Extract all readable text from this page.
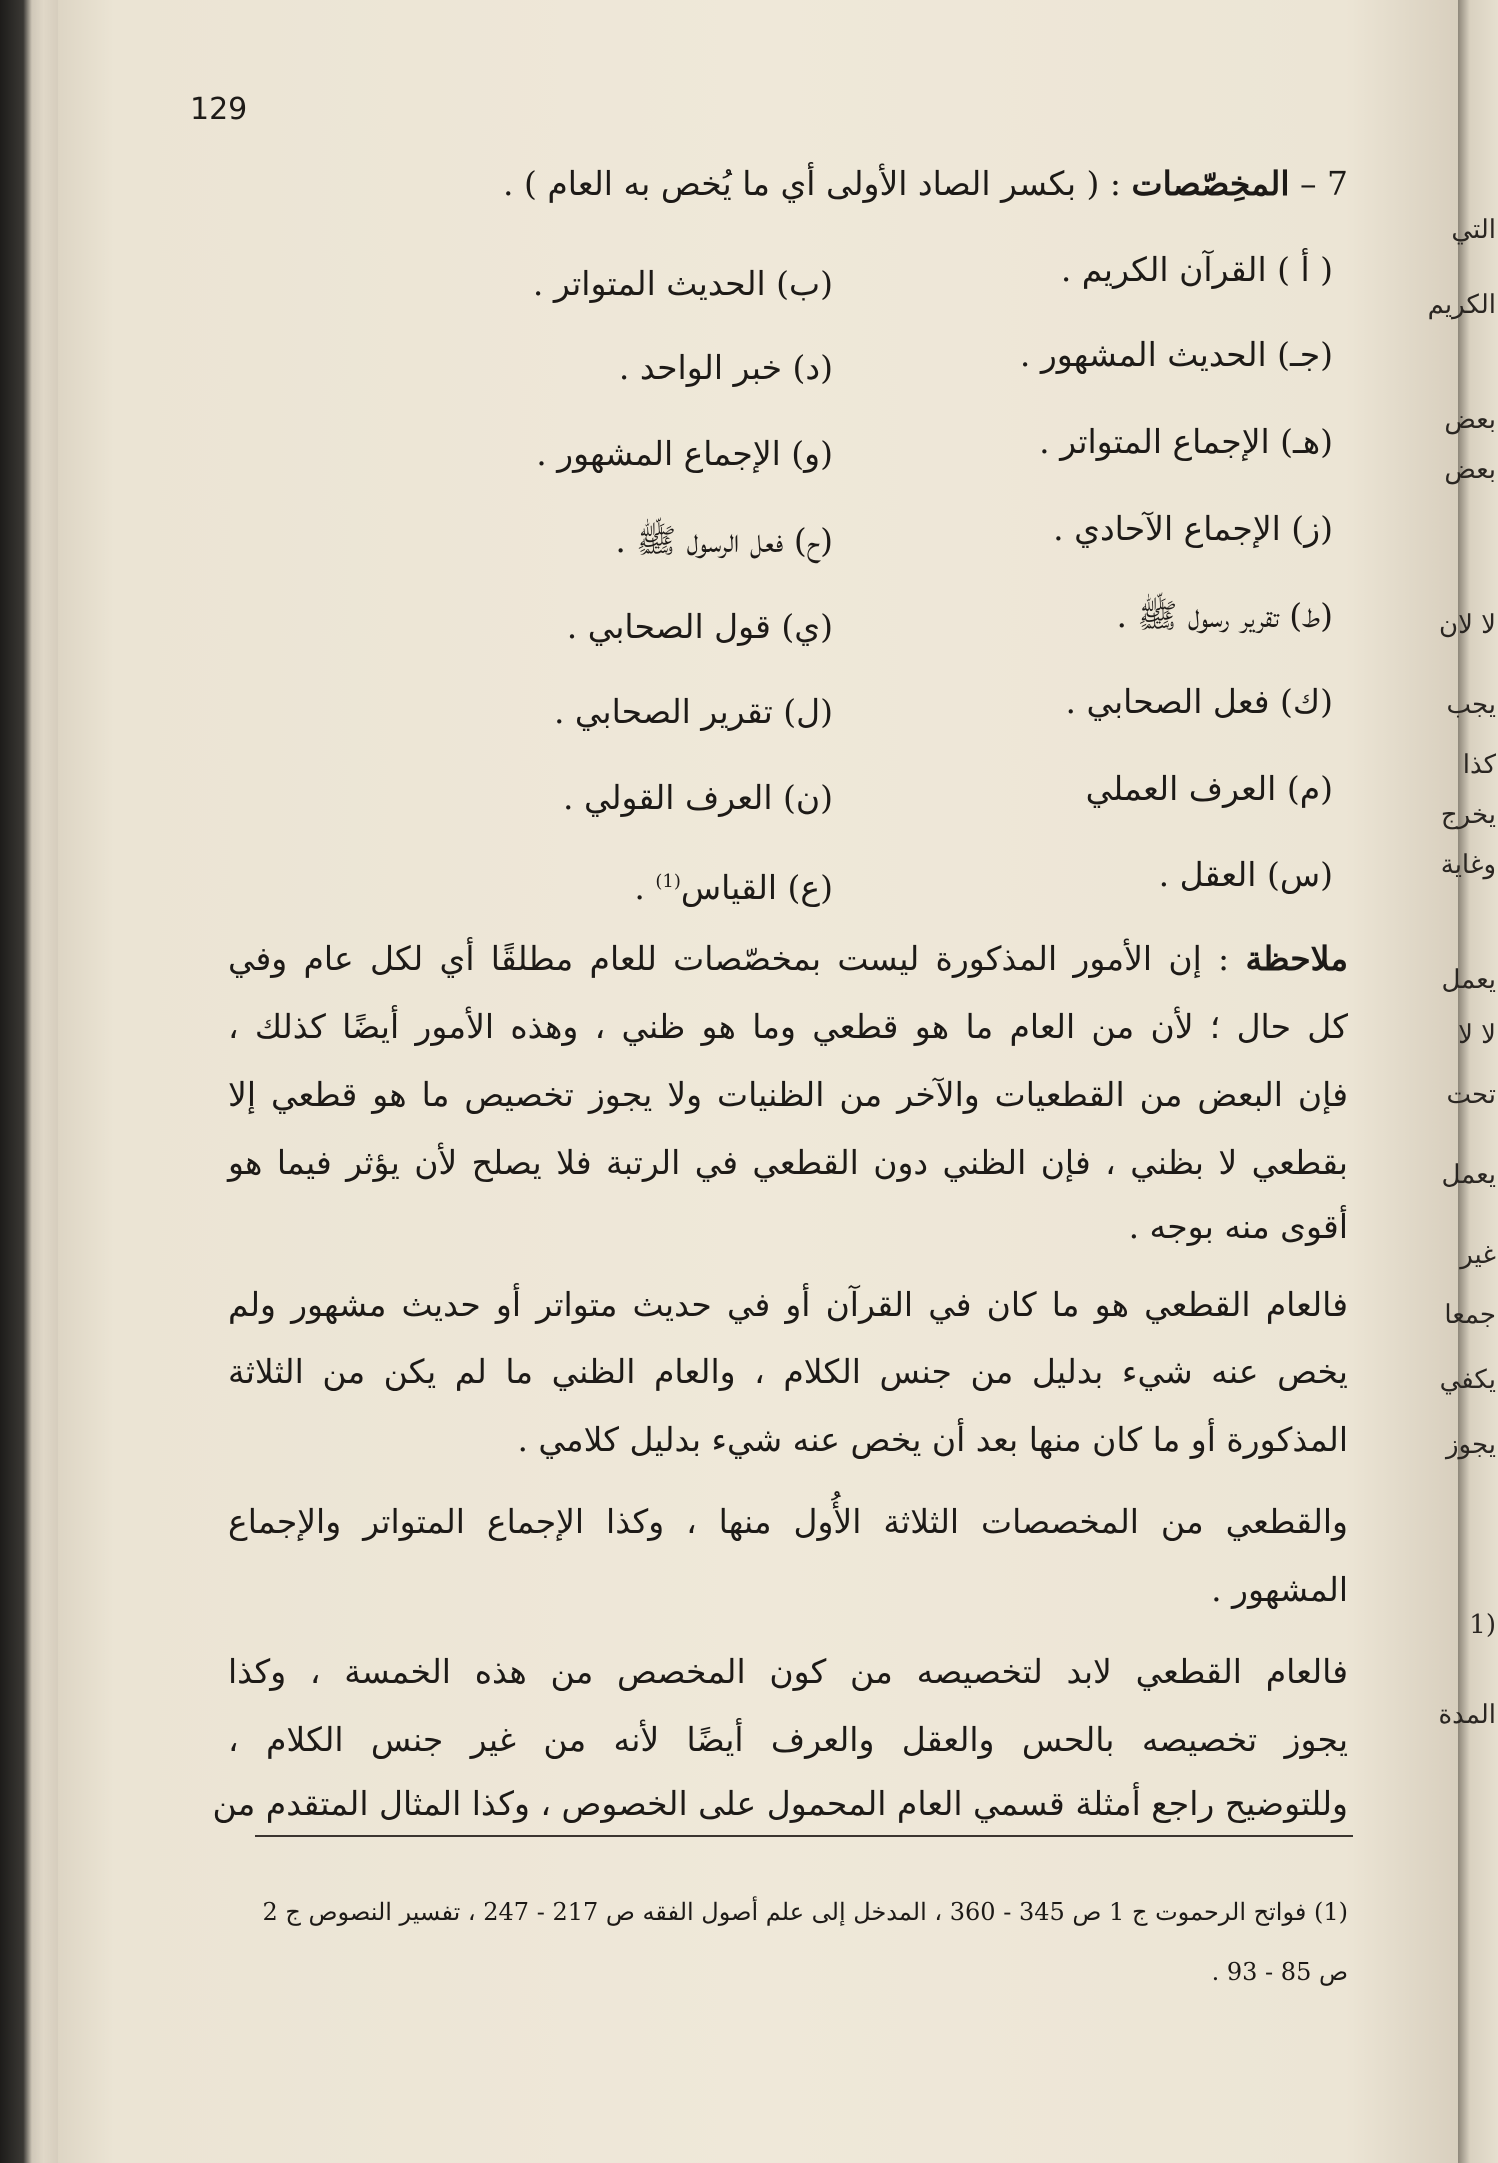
التي
الكريم
بعض
بعض
لا لان
يجب
كذا
يخرج
وغاية
يعمل
لا لا
تحت
يعمل
غير
جمعا
يكفي
يجوز
(1
المدة
129
7 – المخِصّصات : ( بكسر الصاد الأولى أي ما يُخص به العام ) .
( أ ) القرآن الكريم .
(ب) الحديث المتواتر .
(جـ) الحديث المشهور .
(د) خبر الواحد .
(هـ) الإجماع المتواتر .
(و) الإجماع المشهور .
(ز) الإجماع الآحادي .
(ح) فعل الرسول ﷺ .
(ط) تقرير رسول ﷺ .
(ي) قول الصحابي .
(ك) فعل الصحابي .
(ل) تقرير الصحابي .
(م) العرف العملي
(ن) العرف القولي .
(س) العقل .
(ع) القياس$^{(1)}$ .
ملاحظة : إن الأمور المذكورة ليست بمخصّصات للعام مطلقًا أي لكل عام وفي
كل حال ؛ لأن من العام ما هو قطعي وما هو ظني ، وهذه الأمور أيضًا كذلك ،
فإن البعض من القطعيات والآخر من الظنيات ولا يجوز تخصيص ما هو قطعي إلا
بقطعي لا بظني ، فإن الظني دون القطعي في الرتبة فلا يصلح لأن يؤثر فيما هو
أقوى منه بوجه .
فالعام القطعي هو ما كان في القرآن أو في حديث متواتر أو حديث مشهور ولم
يخص عنه شيء بدليل من جنس الكلام ، والعام الظني ما لم يكن من الثلاثة
المذكورة أو ما كان منها بعد أن يخص عنه شيء بدليل كلامي .
والقطعي من المخصصات الثلاثة الأُول منها ، وكذا الإجماع المتواتر والإجماع
المشهور .
فالعام القطعي لابد لتخصيصه من كون المخصص من هذه الخمسة ، وكذا
يجوز تخصيصه بالحس والعقل والعرف أيضًا لأنه من غير جنس الكلام ،
وللتوضيح راجع أمثلة قسمي العام المحمول على الخصوص ، وكذا المثال المتقدم من
(1) فواتح الرحموت ج 1 ص 345 - 360 ، المدخل إلى علم أصول الفقه ص 217 - 247 ، تفسير النصوص ج 2
ص 85 - 93 .
